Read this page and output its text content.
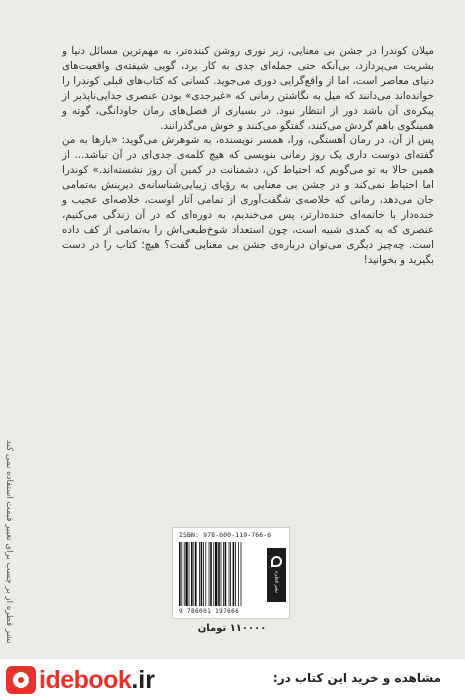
میلان کوندرا در جشن بی معنایی، زیر نوری روشن کننده‌تر، به مهم‌ترین مسائل دنیا و بشریت می‌پردازد، بی‌آنکه حتی جمله‌ای جدی به کار برد، گویی شیفته‌ی واقعیت‌های دنیای معاصر است، اما از واقع‌گرایی دوری می‌جوید. کسانی که کتاب‌های قبلی کوندرا را خوانده‌اند می‌دانند که میل به نگاشتن رمانی که «غیرجدی» بودن عنصری جدایی‌ناپذیر از پیکره‌ی آن باشد دور از انتظار نبود. در بسیاری از فصل‌های رمان جاودانگی، گوته و همینگوی باهم گردش می‌کنند، گفتگو می‌کنند و خوش می‌گذرانند.

پس از آن، در رمان آهستگی، ورا، همسر نویسنده، به شوهرش می‌گوید: «بارها به من گفته‌ای دوست داری یک روز رمانی بنویسی که هیچ کلمه‌ی جدی‌ای در آن نباشد... از همین حالا به تو می‌گویم که احتیاط کن، دشمنانت در کمین آن روز نشسته‌اند.» کوندرا اما احتیاط نمی‌کند و در جشن بی معنایی به رؤیای زیبایی‌شناسانه‌ی دیرینش به‌تمامی جان می‌دهد، رمانی که خلاصه‌ی شگفت‌آوری از تمامی آثار اوست، خلاصه‌ای عجیب و خنده‌دار با خاتمه‌ای خنده‌دارتر، پس می‌خندیم، به دوره‌ای که در آن زندگی می‌کنیم، عنصری که به کمدی شبیه است، چون استعداد شوخ‌طبعی‌اش را به‌تمامی از کف داده است. چه‌چیز دیگری می‌توان درباره‌ی جشن بی معنایی گفت؟ هیچ؛ کتاب را در دست بگیرید و بخوانید!

نشر قطره از بر چسب برای تغییر قیمت استفاده نمی کند	ISBN: 978-600-119-766-6
9 786001 197666
نشر قطره
۱۱۰۰۰۰ تومان
idebook . ir	مشاهده و خرید این کتاب در:
